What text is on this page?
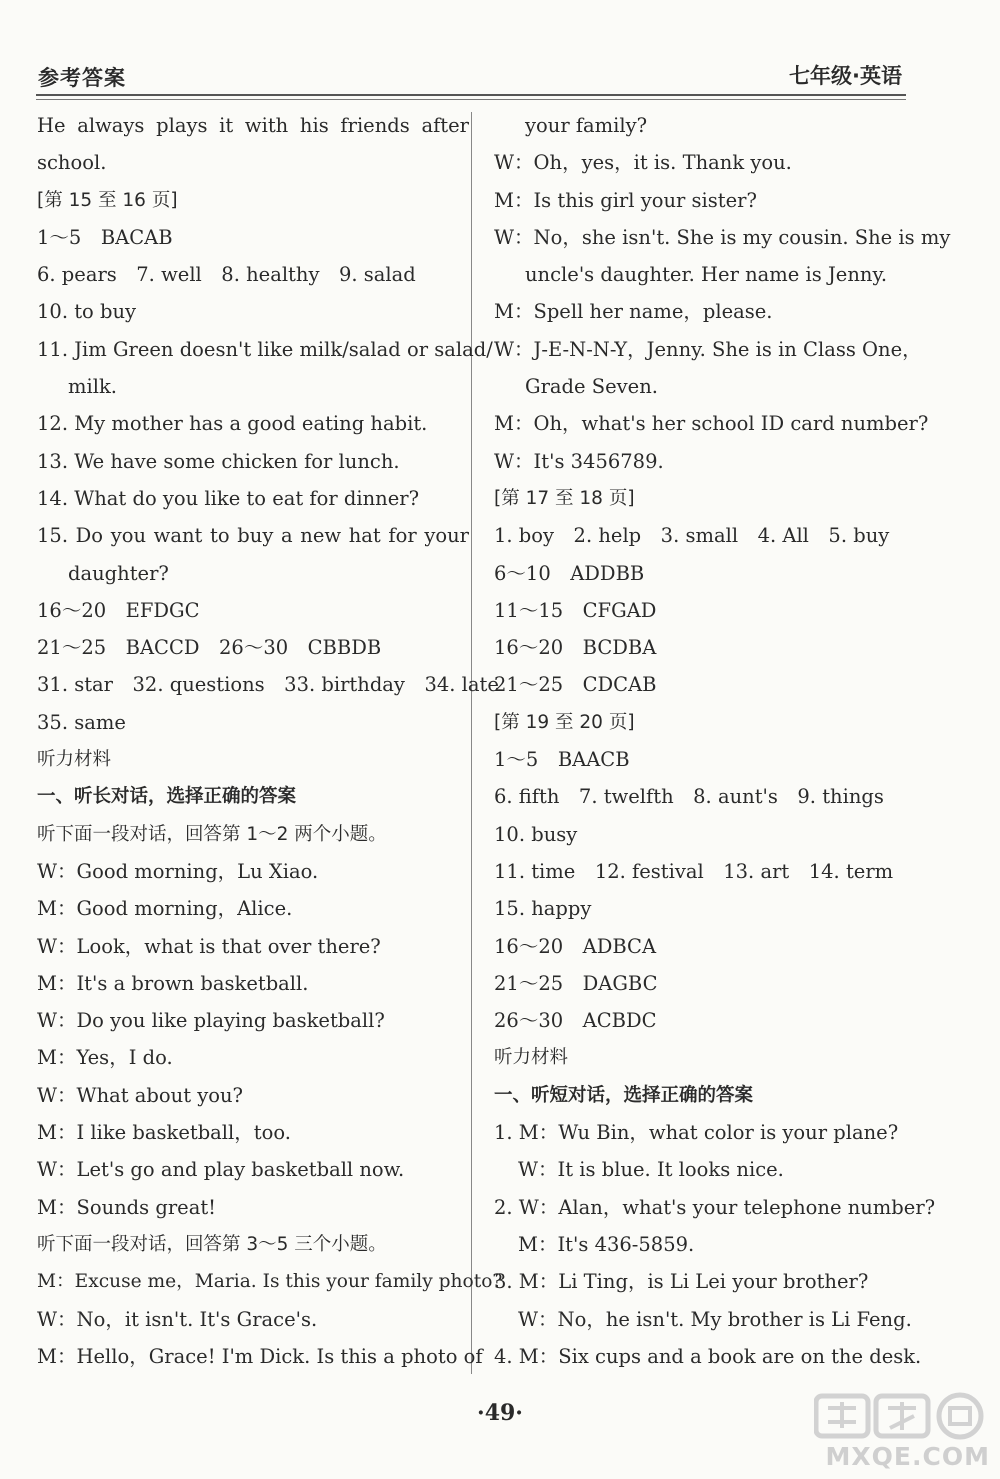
参考答案	七年级·英语
He always plays it with his friends after
school.
[第 15 至 16 页]
1～5　BACAB
6. pears　7. well　8. healthy　9. salad
10. to buy
11. Jim Green doesn't like milk/salad or salad/
milk.
12. My mother has a good eating habit.
13. We have some chicken for lunch.
14. What do you like to eat for dinner?
15. Do you want to buy a new hat for your
daughter?
16～20　EFDGC
21～25　BACCD　26～30　CBBDB
31. star　32. questions　33. birthday　34. late
35. same
听力材料
一、听长对话，选择正确的答案
听下面一段对话，回答第 1～2 两个小题。
W：Good morning，Lu Xiao.
M：Good morning，Alice.
W：Look，what is that over there?
M：It's a brown basketball.
W：Do you like playing basketball?
M：Yes，I do.
W：What about you?
M：I like basketball，too.
W：Let's go and play basketball now.
M：Sounds great!
听下面一段对话，回答第 3～5 三个小题。
M：Excuse me，Maria. Is this your family photo?
W：No，it isn't. It's Grace's.
M：Hello，Grace! I'm Dick. Is this a photo of
your family?
W：Oh，yes，it is. Thank you.
M：Is this girl your sister?
W：No，she isn't. She is my cousin. She is my
uncle's daughter. Her name is Jenny.
M：Spell her name，please.
W：J-E-N-N-Y，Jenny. She is in Class One，
Grade Seven.
M：Oh，what's her school ID card number?
W：It's 3456789.
[第 17 至 18 页]
1. boy　2. help　3. small　4. All　5. buy
6～10　ADDBB
11～15　CFGAD
16～20　BCDBA
21～25　CDCAB
[第 19 至 20 页]
1～5　BAACB
6. fifth　7. twelfth　8. aunt's　9. things
10. busy
11. time　12. festival　13. art　14. term
15. happy
16～20　ADBCA
21～25　DAGBC
26～30　ACBDC
听力材料
一、听短对话，选择正确的答案
1. M：Wu Bin，what color is your plane?
W：It is blue. It looks nice.
2. W：Alan，what's your telephone number?
M：It's 436-5859.
3. M：Li Ting，is Li Lei your brother?
W：No，he isn't. My brother is Li Feng.
4. M：Six cups and a book are on the desk.
·49·
MXQE.COM
